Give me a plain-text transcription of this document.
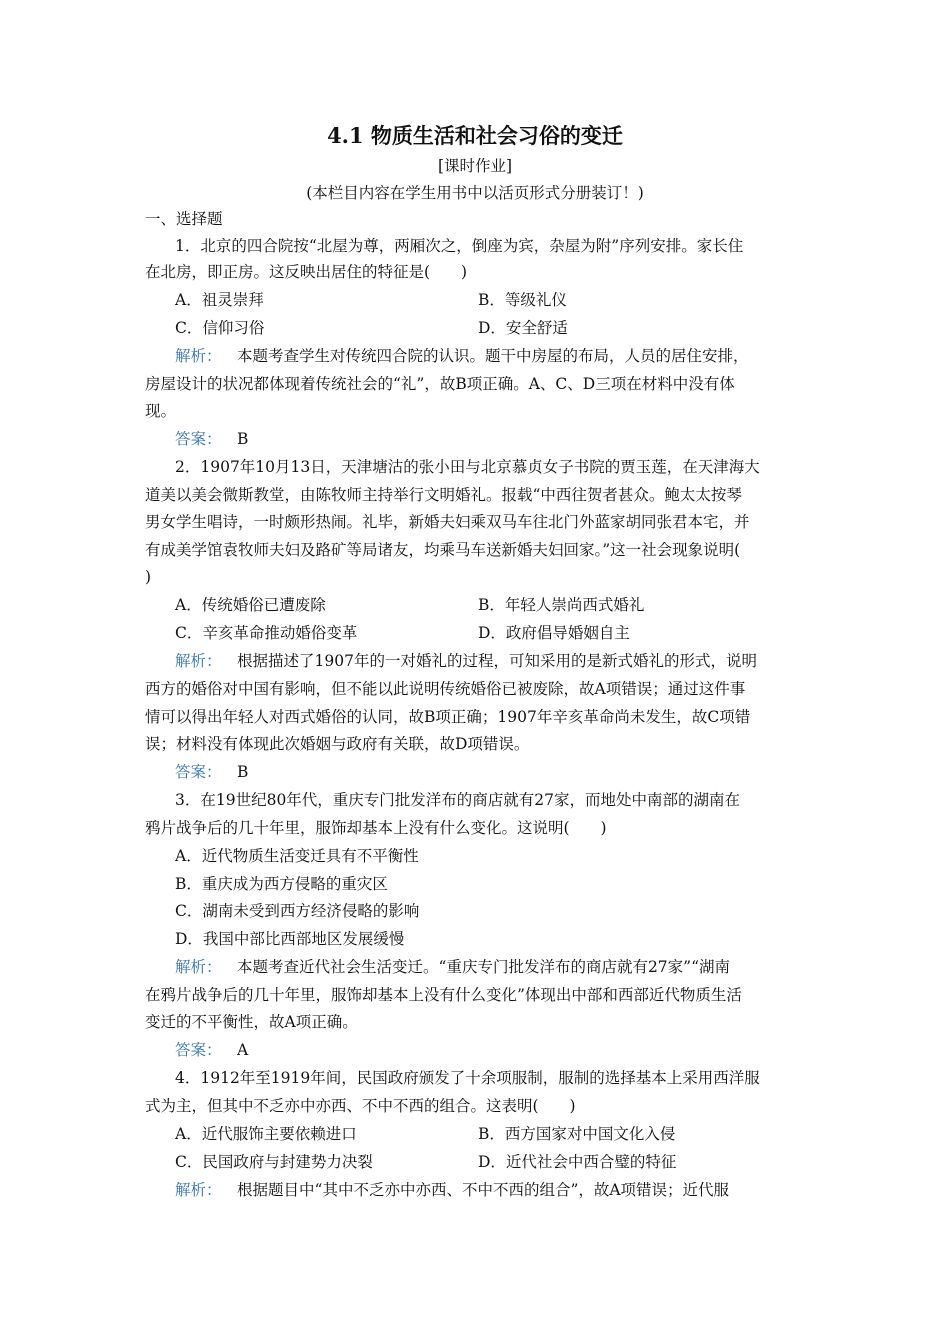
4.1 物质生活和社会习俗的变迁
[课时作业]
(本栏目内容在学生用书中以活页形式分册装订！)
一、选择题
1．北京的四合院按“北屋为尊，两厢次之，倒座为宾，杂屋为附”序列安排。家长住
在北房，即正房。这反映出居住的特征是(　　)
A．祖灵崇拜	B．等级礼仪
C．信仰习俗	D．安全舒适
解析：  本题考查学生对传统四合院的认识。题干中房屋的布局，人员的居住安排，
房屋设计的状况都体现着传统社会的“礼”，故B项正确。A、C、D三项在材料中没有体
现。
答案：  B
2．1907年10月13日，天津塘沽的张小田与北京慕贞女子书院的贾玉莲，在天津海大
道美以美会微斯教堂，由陈牧师主持举行文明婚礼。报载“中西往贺者甚众。鲍太太按琴
男女学生唱诗，一时颇形热闹。礼毕，新婚夫妇乘双马车往北门外蓝家胡同张君本宅，并
有成美学馆袁牧师夫妇及路矿等局诸友，均乘马车送新婚夫妇回家。”这一社会现象说明(
)
A．传统婚俗已遭废除	B．年轻人崇尚西式婚礼
C．辛亥革命推动婚俗变革	D．政府倡导婚姻自主
解析：  根据描述了1907年的一对婚礼的过程，可知采用的是新式婚礼的形式，说明
西方的婚俗对中国有影响，但不能以此说明传统婚俗已被废除，故A项错误；通过这件事
情可以得出年轻人对西式婚俗的认同，故B项正确；1907年辛亥革命尚未发生，故C项错
误；材料没有体现此次婚姻与政府有关联，故D项错误。
答案：  B
3．在19世纪80年代，重庆专门批发洋布的商店就有27家，而地处中南部的湖南在
鸦片战争后的几十年里，服饰却基本上没有什么变化。这说明(　　)
A．近代物质生活变迁具有不平衡性
B．重庆成为西方侵略的重灾区
C．湖南未受到西方经济侵略的影响
D．我国中部比西部地区发展缓慢
解析：  本题考查近代社会生活变迁。“重庆专门批发洋布的商店就有27家”“湖南
在鸦片战争后的几十年里，服饰却基本上没有什么变化”体现出中部和西部近代物质生活
变迁的不平衡性，故A项正确。
答案：  A
4．1912年至1919年间，民国政府颁发了十余项服制，服制的选择基本上采用西洋服
式为主，但其中不乏亦中亦西、不中不西的组合。这表明(　　)
A．近代服饰主要依赖进口	B．西方国家对中国文化入侵
C．民国政府与封建势力决裂	D．近代社会中西合璧的特征
解析：  根据题目中“其中不乏亦中亦西、不中不西的组合”，故A项错误；近代服
